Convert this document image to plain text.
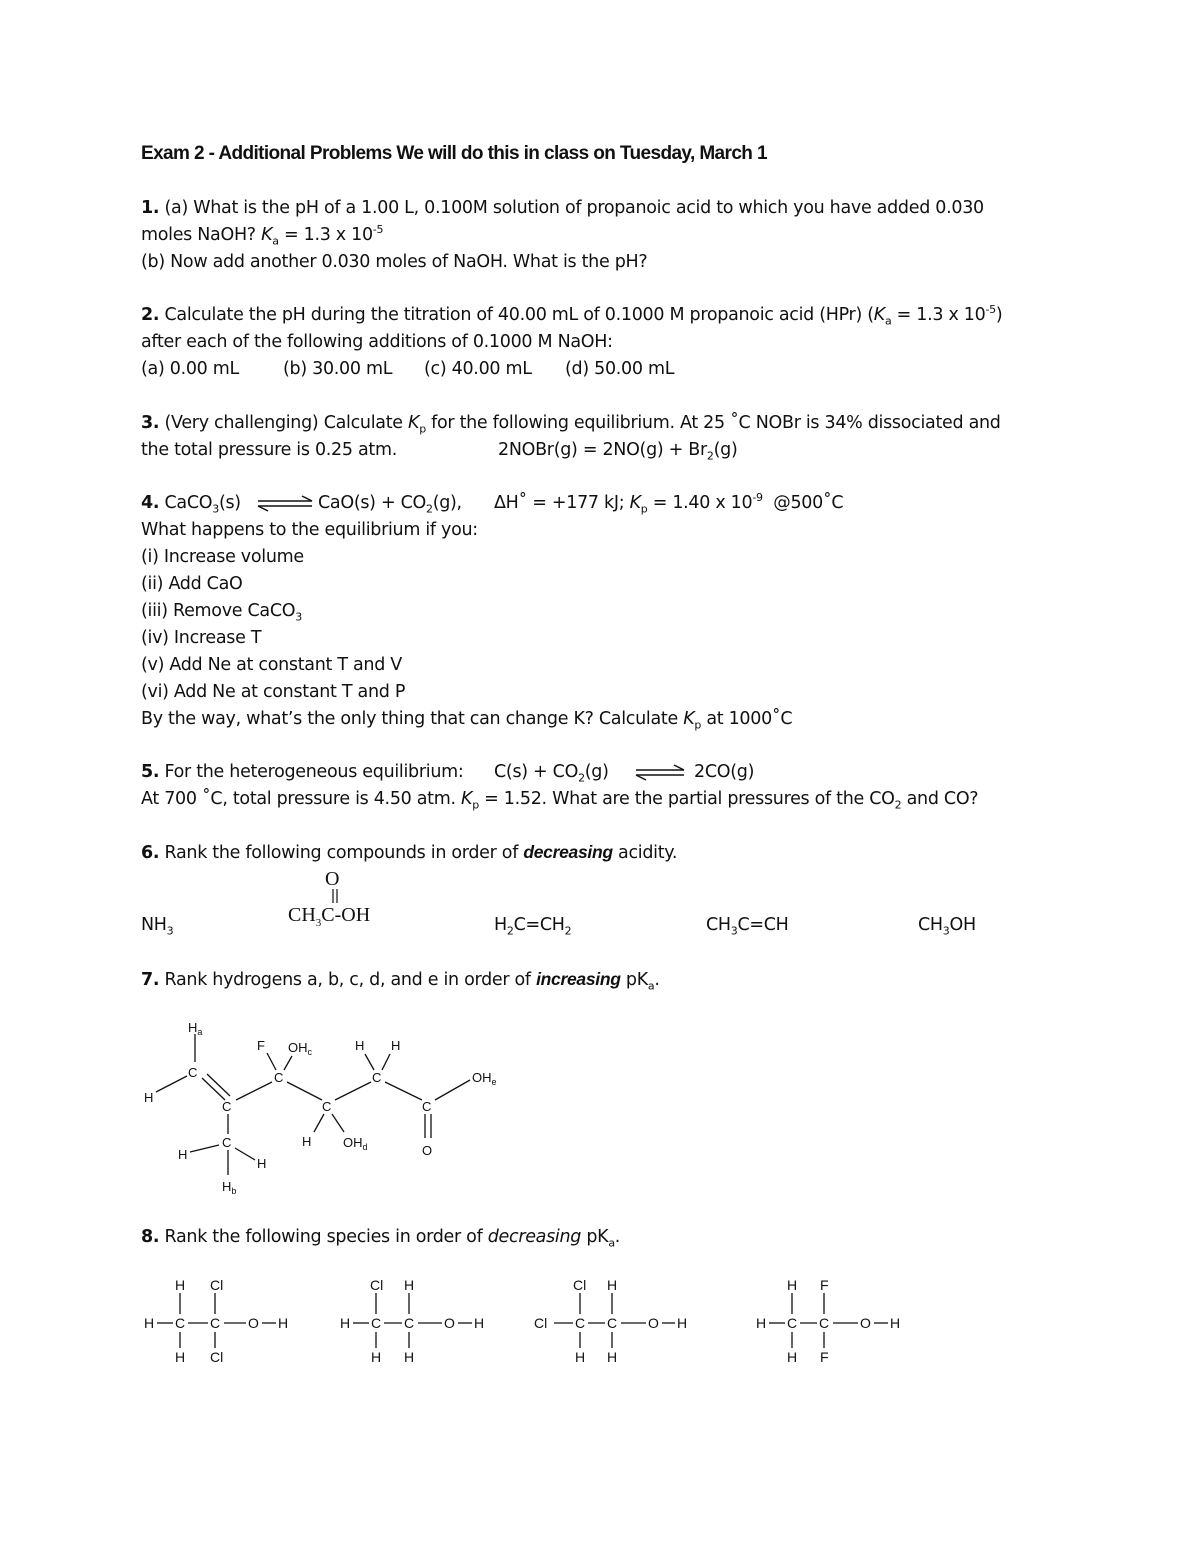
Exam 2 - Additional Problems We will do this in class on Tuesday, March 1
1. (a) What is the pH of a 1.00 L, 0.100M solution of propanoic acid to which you have added 0.030
moles NaOH? $K_a = 1.3$ x $10^{-5}$
(b) Now add another 0.030 moles of NaOH. What is the pH?
2. Calculate the pH during the titration of 40.00 mL of 0.1000 M propanoic acid (HPr) ($K_a = 1.3$ x $10^{-5}$)
after each of the following additions of 0.1000 M NaOH:
(a) 0.00 mL	(b) 30.00 mL (c) 40.00 mL (d) 50.00 mL
3. (Very challenging) Calculate $K_p$ for the following equilibrium. At 25 ˚C NOBr is 34% dissociated and
the total pressure is 0.25 atm.	2NOBr(g) = $2NO(g) + Br_2(g)$
4. CaCO$_3$(s) ⇌ $CaO(s) + CO_2(g)$, ΔH˚ = +177 kJ; $K_p = 1.40$ x $10^{-9}$ @500˚C
What happens to the equilibrium if you:
(i) Increase volume
(ii) Add CaO
(iii) Remove CaCO$_3$
(iv) Increase T
(v) Add Ne at constant T and V
(vi) Add Ne at constant T and P
By the way, what’s the only thing that can change K? Calculate $K_p$ at 1000˚C
5. For the heterogeneous equilibrium: $C(s) + CO_2(g)$ ⇌ 2CO(g)
At 700 ˚C, total pressure is 4.50 atm. $K_p = 1.52$. What are the partial pressures of the $CO_2$ and CO?
6. Rank the following compounds in order of decreasing acidity.
$NH_3$
O
$CH_3C-OH$	$H_2C=CH_2$	$CH_3C=CH$	$CH_3OH$
7. Rank hydrogens a, b, c, d, and e in order of increasing $pK_a$.
$H_a$
C
H
C
C
H
H
$H_b$
C
F $OH_c$
C
H $OH_d$
C
H H
C
O
$OH_e$
8. Rank the following species in order of decreasing $pK_a$.
H Cl
H C C O H
H Cl
Cl H
H C C O H
H H
Cl H
Cl C C O H
H H
H F
H C C O H
H F
